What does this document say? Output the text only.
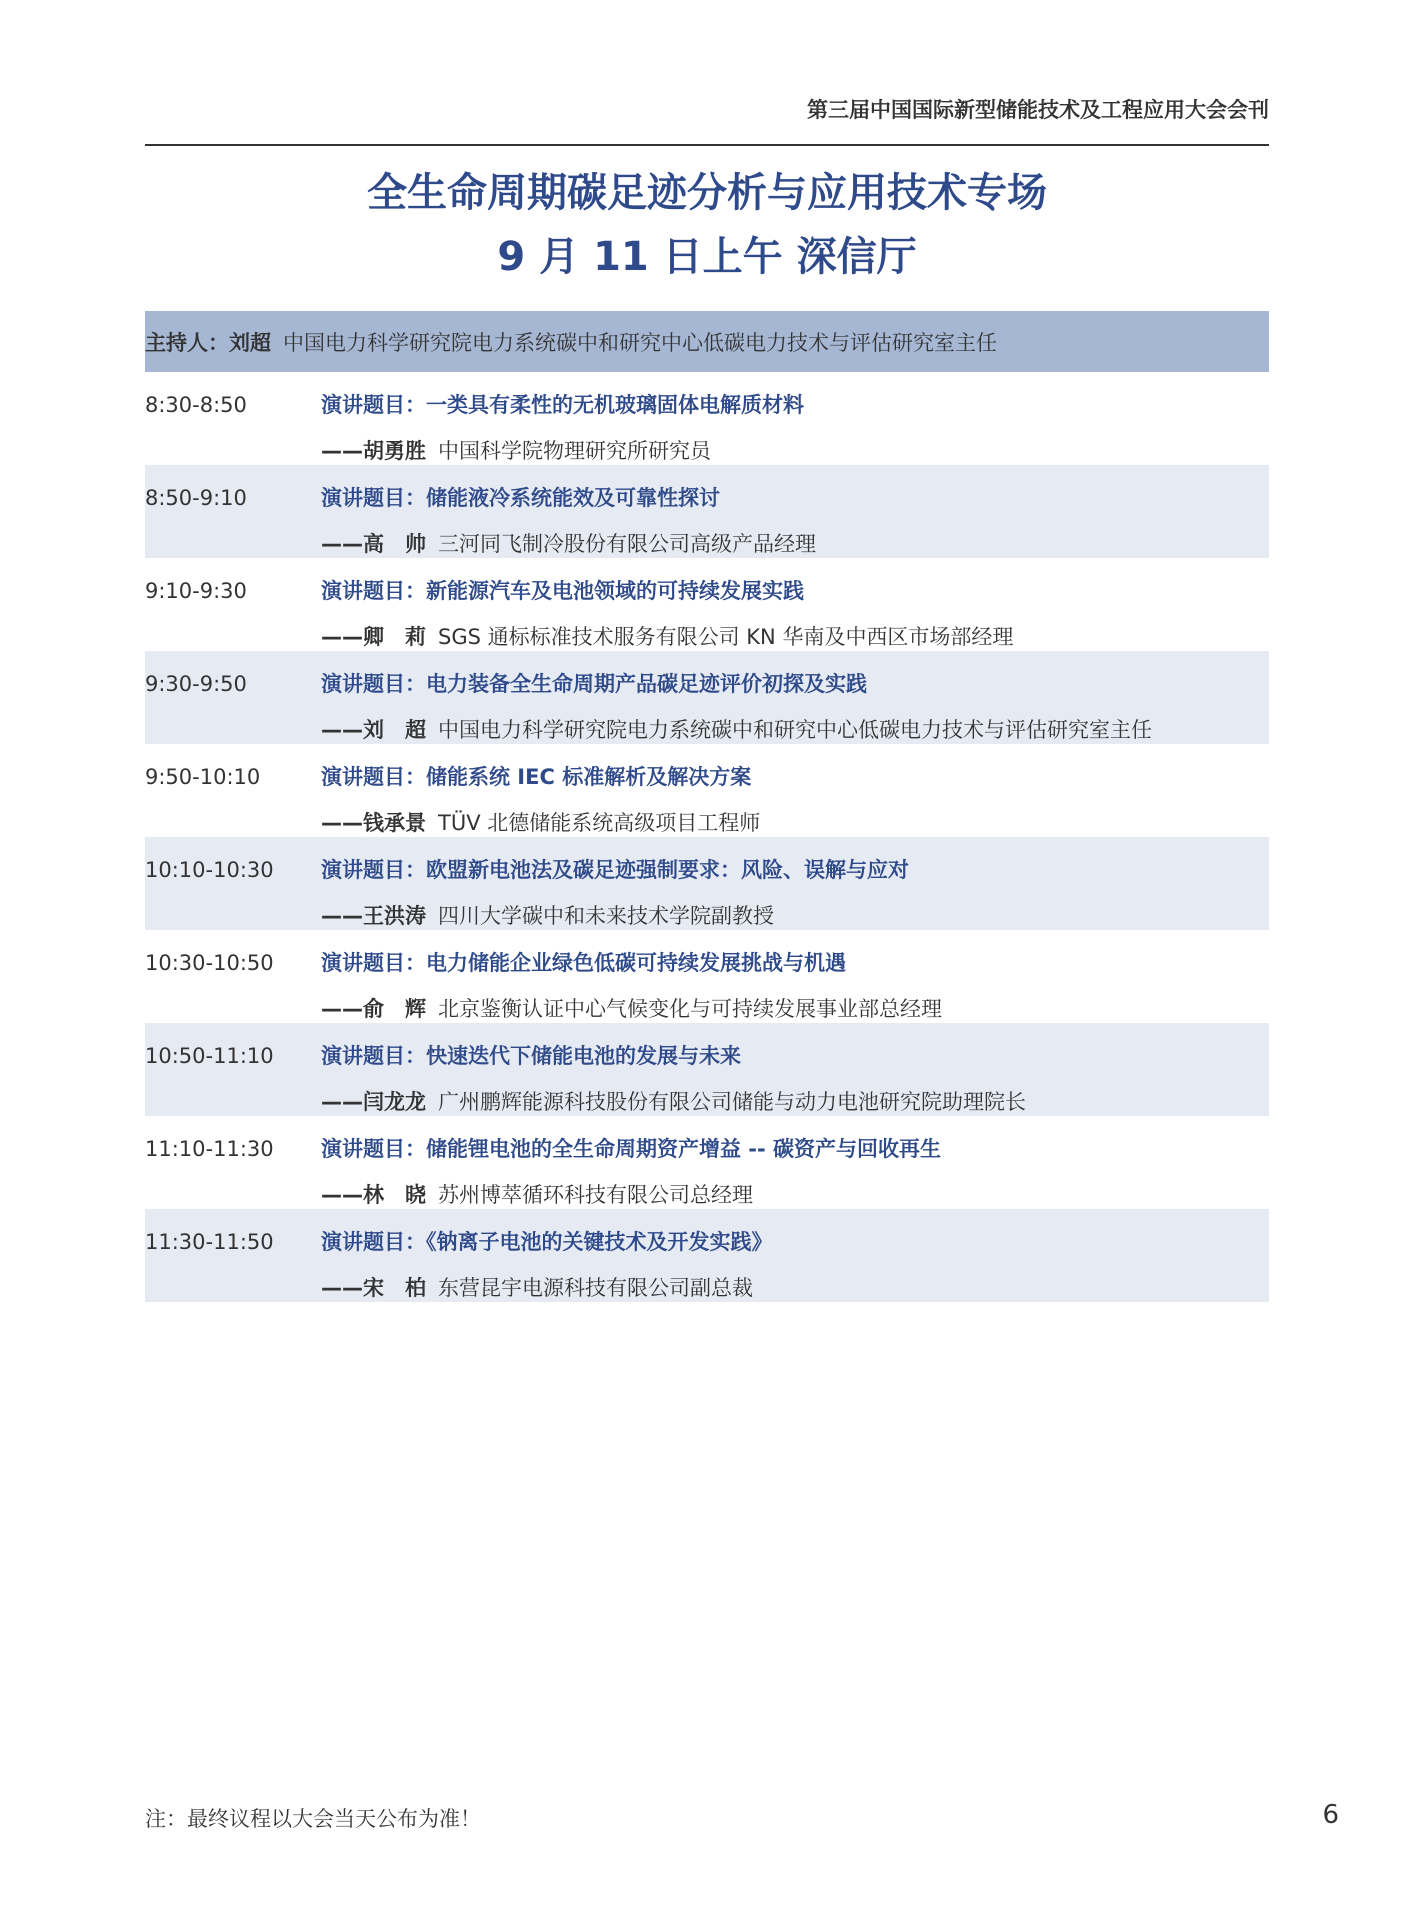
第三届中国国际新型储能技术及工程应用大会会刊
全生命周期碳足迹分析与应用技术专场
9 月 11 日上午 深信厅
主持人： 刘超 中国电力科学研究院电力系统碳中和研究中心低碳电力技术与评估研究室主任
8:30-8:50	演讲题目：一类具有柔性的无机玻璃固体电解质材料
——胡勇胜 中国科学院物理研究所研究员
8:50-9:10	演讲题目：储能液冷系统能效及可靠性探讨
——高　帅 三河同飞制冷股份有限公司高级产品经理
9:10-9:30	演讲题目：新能源汽车及电池领域的可持续发展实践
——卿　莉 SGS 通标标准技术服务有限公司 KN 华南及中西区市场部经理
9:30-9:50	演讲题目：电力装备全生命周期产品碳足迹评价初探及实践
——刘　超 中国电力科学研究院电力系统碳中和研究中心低碳电力技术与评估研究室主任
9:50-10:10	演讲题目：储能系统 IEC 标准解析及解决方案
——钱承景 TÜV 北德储能系统高级项目工程师
10:10-10:30 演讲题目：欧盟新电池法及碳足迹强制要求：风险、误解与应对
——王洪涛 四川大学碳中和未来技术学院副教授
10:30-10:50 演讲题目：电力储能企业绿色低碳可持续发展挑战与机遇
——俞　辉 北京鉴衡认证中心气候变化与可持续发展事业部总经理
10:50-11:10 演讲题目：快速迭代下储能电池的发展与未来
——闫龙龙 广州鹏辉能源科技股份有限公司储能与动力电池研究院助理院长
11:10-11:30 演讲题目：储能锂电池的全生命周期资产增益 -- 碳资产与回收再生
——林　晓 苏州博萃循环科技有限公司总经理
11:30-11:50 演讲题目：《钠离子电池的关键技术及开发实践》
——宋　柏 东营昆宇电源科技有限公司副总裁
注：最终议程以大会当天公布为准！	6
